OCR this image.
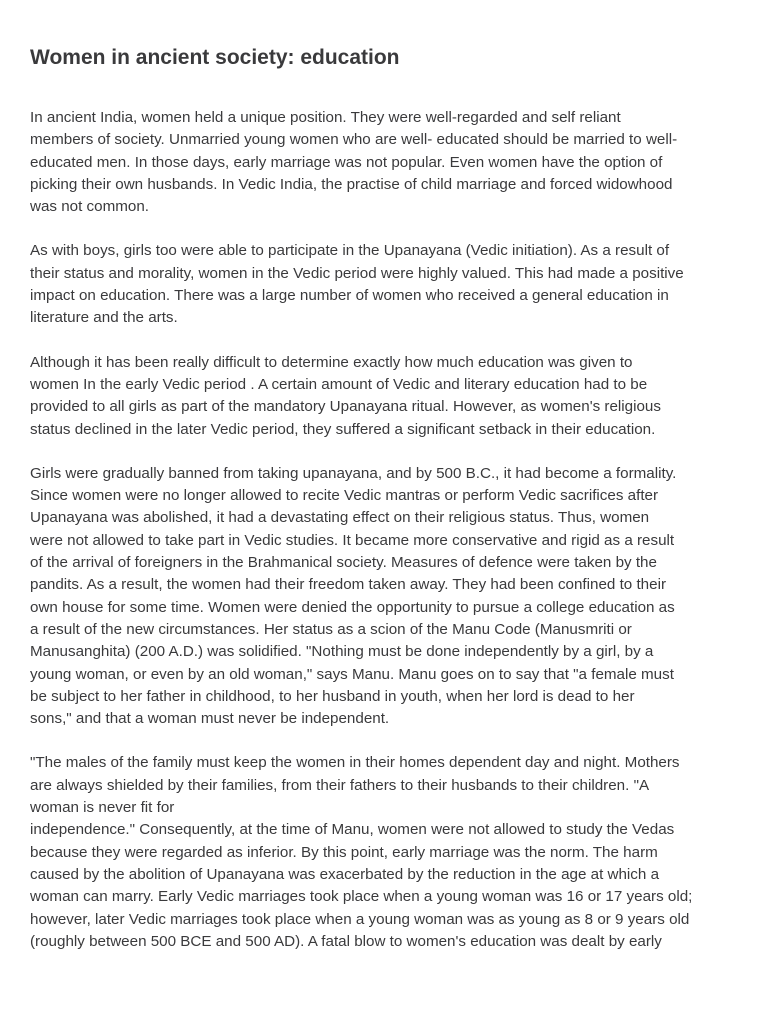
Women in ancient society: education

In ancient India, women held a unique position. They were well-regarded and self reliant
members of society. Unmarried young women who are well- educated should be married to well-
educated men. In those days, early marriage was not popular. Even women have the option of
picking their own husbands. In Vedic India, the practise of child marriage and forced widowhood
was not common.

As with boys, girls too were able to participate in the Upanayana (Vedic initiation). As a result of
their status and morality, women in the Vedic period were highly valued. This had made a positive
impact on education. There was a large number of women who received a general education in
literature and the arts.

Although it has been really difficult to determine exactly how much education was given to
women In the early Vedic period . A certain amount of Vedic and literary education had to be
provided to all girls as part of the mandatory Upanayana ritual. However, as women's religious
status declined in the later Vedic period, they suffered a significant setback in their education.

Girls were gradually banned from taking upanayana, and by 500 B.C., it had become a formality.
Since women were no longer allowed to recite Vedic mantras or perform Vedic sacrifices after
Upanayana was abolished, it had a devastating effect on their religious status. Thus, women
were not allowed to take part in Vedic studies. It became more conservative and rigid as a result
of the arrival of foreigners in the Brahmanical society. Measures of defence were taken by the
pandits. As a result, the women had their freedom taken away. They had been confined to their
own house for some time. Women were denied the opportunity to pursue a college education as
a result of the new circumstances. Her status as a scion of the Manu Code (Manusmriti or
Manusanghita) (200 A.D.) was solidified. "Nothing must be done independently by a girl, by a
young woman, or even by an old woman," says Manu. Manu goes on to say that "a female must
be subject to her father in childhood, to her husband in youth, when her lord is dead to her
sons," and that a woman must never be independent.

"The males of the family must keep the women in their homes dependent day and night. Mothers
are always shielded by their families, from their fathers to their husbands to their children. "A
woman is never fit for
independence." Consequently, at the time of Manu, women were not allowed to study the Vedas
because they were regarded as inferior. By this point, early marriage was the norm. The harm
caused by the abolition of Upanayana was exacerbated by the reduction in the age at which a
woman can marry. Early Vedic marriages took place when a young woman was 16 or 17 years old;
however, later Vedic marriages took place when a young woman was as young as 8 or 9 years old
(roughly between 500 BCE and 500 AD). A fatal blow to women's education was dealt by early
